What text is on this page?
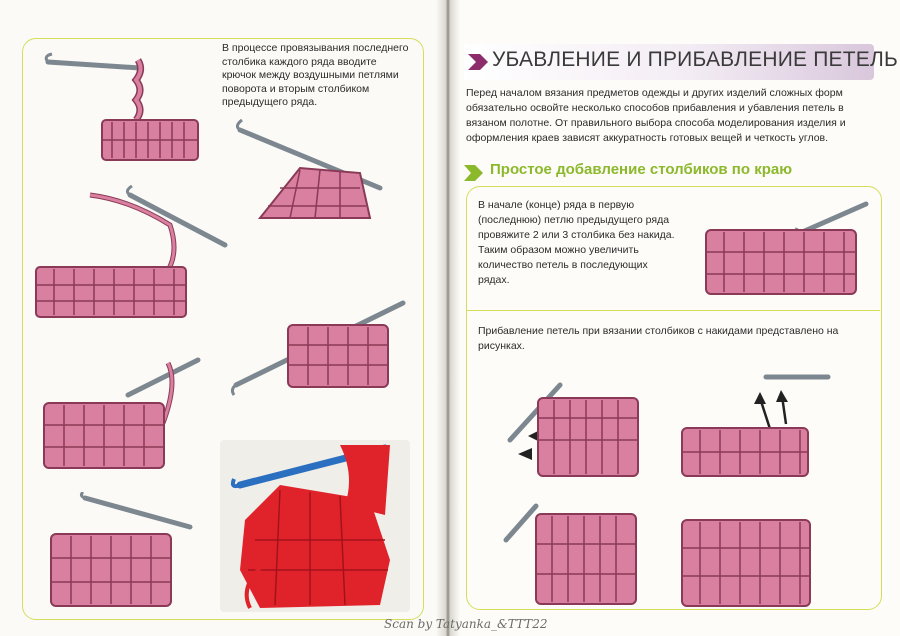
В процессе провязывания последнего столбика каждого ряда вводите крючок между воздушными петлями поворота и вторым столбиком предыдущего ряда.

УБАВЛЕНИЕ И ПРИБАВЛЕНИЕ ПЕТЕЛЬ

Перед началом вязания предметов одежды и других изделий сложных форм обязательно освойте несколько способов прибавления и убавления петель в вязаном полотне. От правильного выбора способа моделирования изделия и оформления краев зависят аккуратность готовых вещей и четкость углов.

Простое добавление столбиков по краю

В начале (конце) ряда в первую (последнюю) петлю предыдущего ряда провяжите 2 или 3 столбика без накида. Таким образом можно увеличить количество петель в последующих рядах.

Прибавление петель при вязании столбиков с накидами представлено на рисунках.

Scan by Tatyanka_&TTT22
